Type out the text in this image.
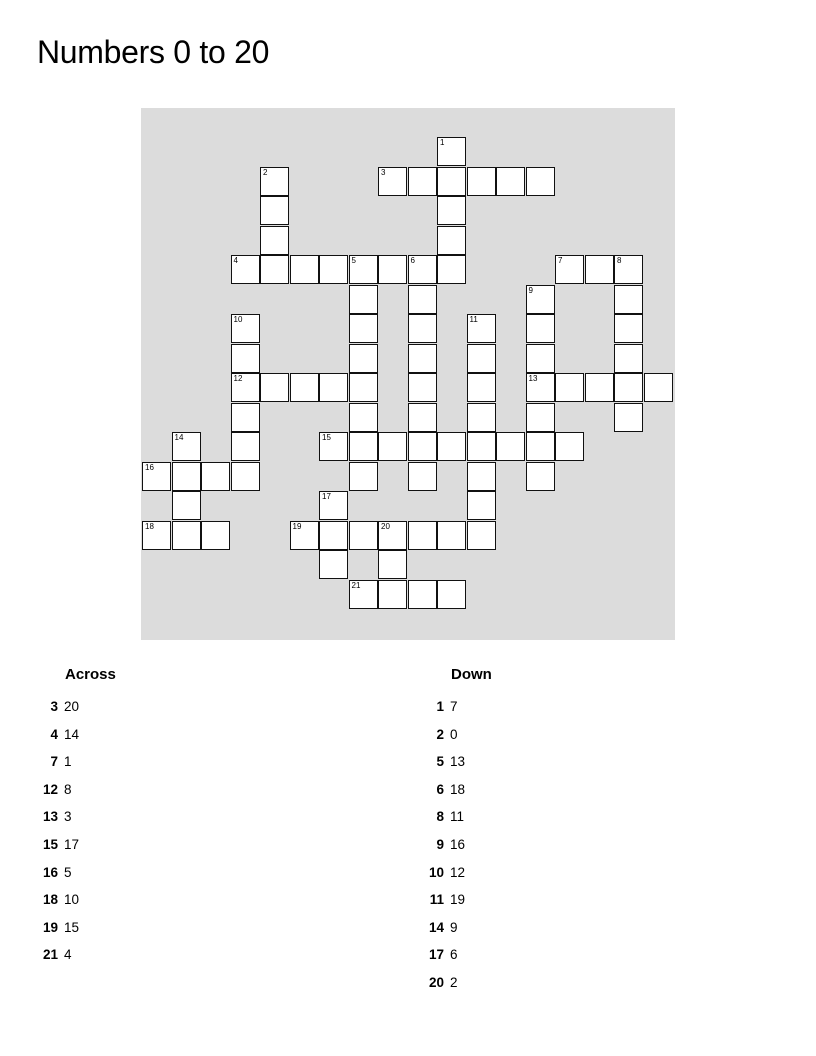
Numbers 0 to 20
1
2	3
4	5	6	7	8
9
13
10
12
11
14	15
16
17
18	19	20
21
Across	Down
3 20
4 14
7 1
12 8
13 3
15 17
16 5
18 10
19 15
21 4
1 7
2 0
5 13
6 18
8 11
9 16
10 12
11 19
14 9
17 6
20 2
